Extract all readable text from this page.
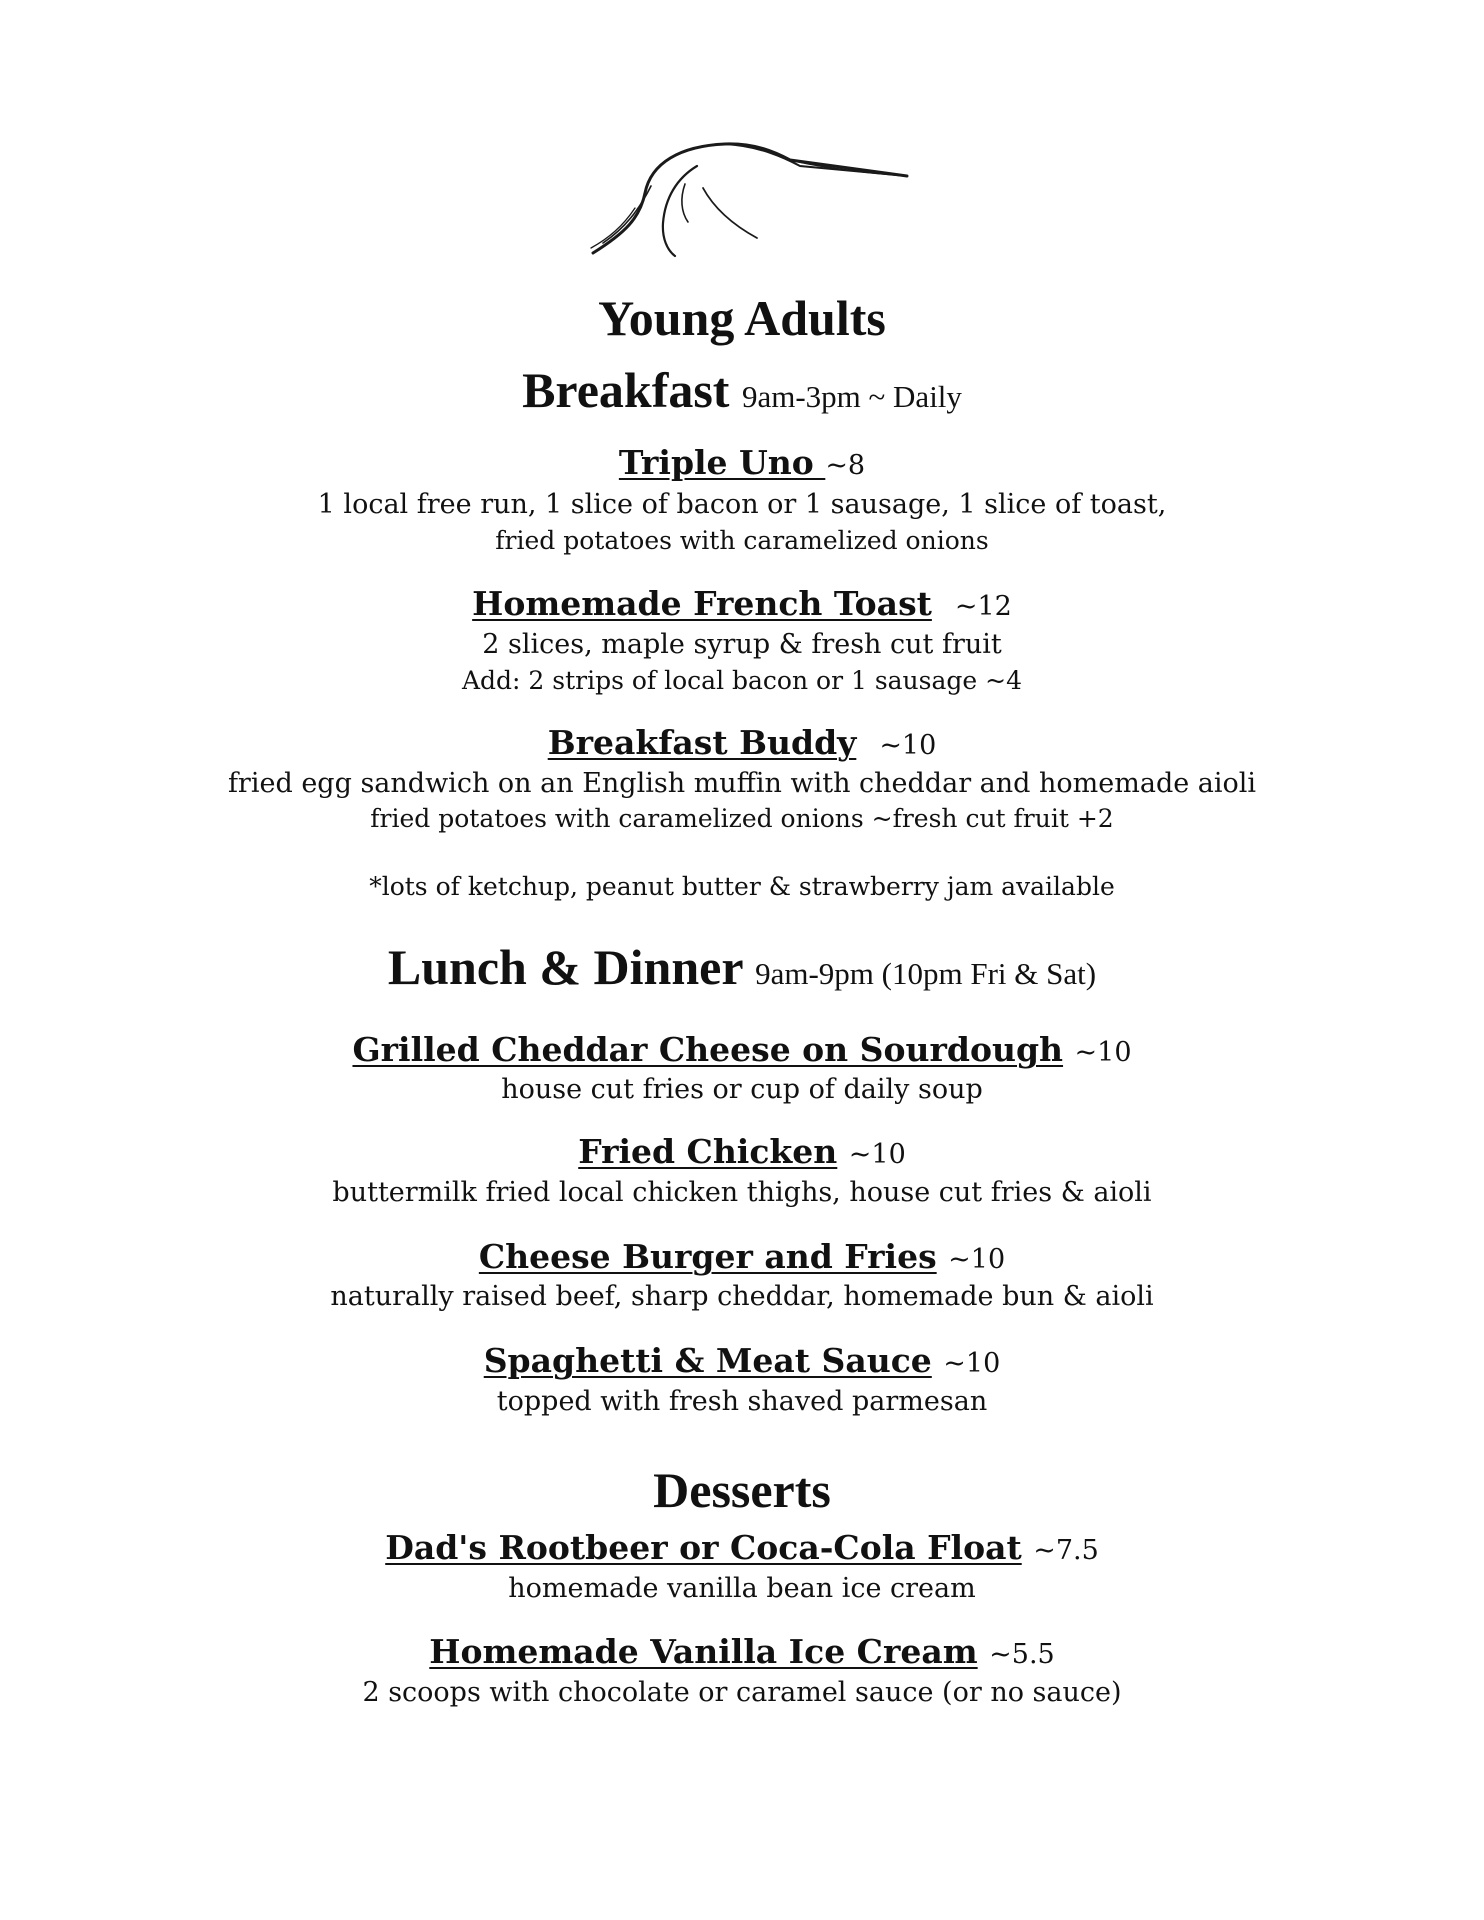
Young Adults
Breakfast 9am-3pm ~ Daily
Triple Uno ~8
1 local free run, 1 slice of bacon or 1 sausage, 1 slice of toast,
fried potatoes with caramelized onions
Homemade French Toast ~12
2 slices, maple syrup & fresh cut fruit
Add: 2 strips of local bacon or 1 sausage ~4
Breakfast Buddy ~10
fried egg sandwich on an English muffin with cheddar and homemade aioli
fried potatoes with caramelized onions ~fresh cut fruit +2
*lots of ketchup, peanut butter & strawberry jam available
Lunch & Dinner 9am-9pm (10pm Fri & Sat)
Grilled Cheddar Cheese on Sourdough ~10
house cut fries or cup of daily soup
Fried Chicken ~10
buttermilk fried local chicken thighs, house cut fries & aioli
Cheese Burger and Fries ~10
naturally raised beef, sharp cheddar, homemade bun & aioli
Spaghetti & Meat Sauce ~10
topped with fresh shaved parmesan
Desserts
Dad's Rootbeer or Coca-Cola Float ~7.5
homemade vanilla bean ice cream
Homemade Vanilla Ice Cream ~5.5
2 scoops with chocolate or caramel sauce (or no sauce)
